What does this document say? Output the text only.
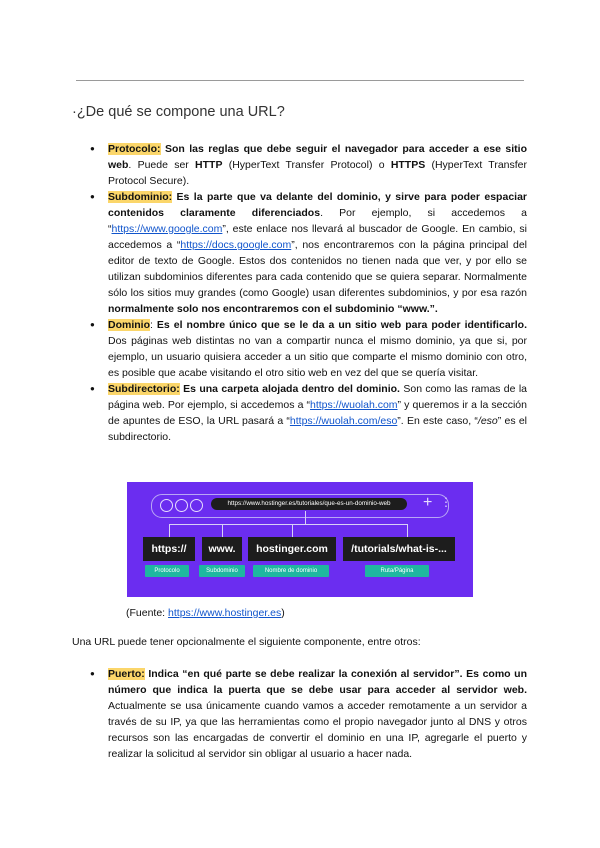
·¿De qué se compone una URL?
● Protocolo: Son las reglas que debe seguir el navegador para acceder a ese sitio web. Puede ser HTTP (HyperText Transfer Protocol) o HTTPS (HyperText Transfer Protocol Secure).
● Subdominio: Es la parte que va delante del dominio, y sirve para poder espaciar contenidos claramente diferenciados. Por ejemplo, si accedemos a “https://www.google.com”, este enlace nos llevará al buscador de Google. En cambio, si accedemos a “https://docs.google.com”, nos encontraremos con la página principal del editor de texto de Google. Estos dos contenidos no tienen nada que ver, y por ello se utilizan subdominios diferentes para cada contenido que se quiera separar. Normalmente sólo los sitios muy grandes (como Google) usan diferentes subdominios, y por esa razón normalmente solo nos encontraremos con el subdominio “www.”.
● Dominio: Es el nombre único que se le da a un sitio web para poder identificarlo. Dos páginas web distintas no van a compartir nunca el mismo dominio, ya que si, por ejemplo, un usuario quisiera acceder a un sitio que comparte el mismo dominio con otro, es posible que acabe visitando el otro sitio web en vez del que se quería visitar.
● Subdirectorio: Es una carpeta alojada dentro del dominio. Son como las ramas de la página web. Por ejemplo, si accedemos a “https://wuolah.com” y queremos ir a la sección de apuntes de ESO, la URL pasará a “https://wuolah.com/eso”. En este caso, “/eso” es el subdirectorio.
https://www.hostinger.es/tutoriales/que-es-un-dominio-web	+ ⋮
https://	www.	hostinger.com	/tutorials/what-is-...
Protocolo	Subdominio	Nombre de dominio	Ruta/Página
(Fuente: https://www.hostinger.es)
Una URL puede tener opcionalmente el siguiente componente, entre otros:
● Puerto: Indica “en qué parte se debe realizar la conexión al servidor”. Es como un número que indica la puerta que se debe usar para acceder al servidor web. Actualmente se usa únicamente cuando vamos a acceder remotamente a un servidor a través de su IP, ya que las herramientas como el propio navegador junto al DNS y otros recursos son las encargadas de convertir el dominio en una IP, agregarle el puerto y realizar la solicitud al servidor sin obligar al usuario a hacer nada.
